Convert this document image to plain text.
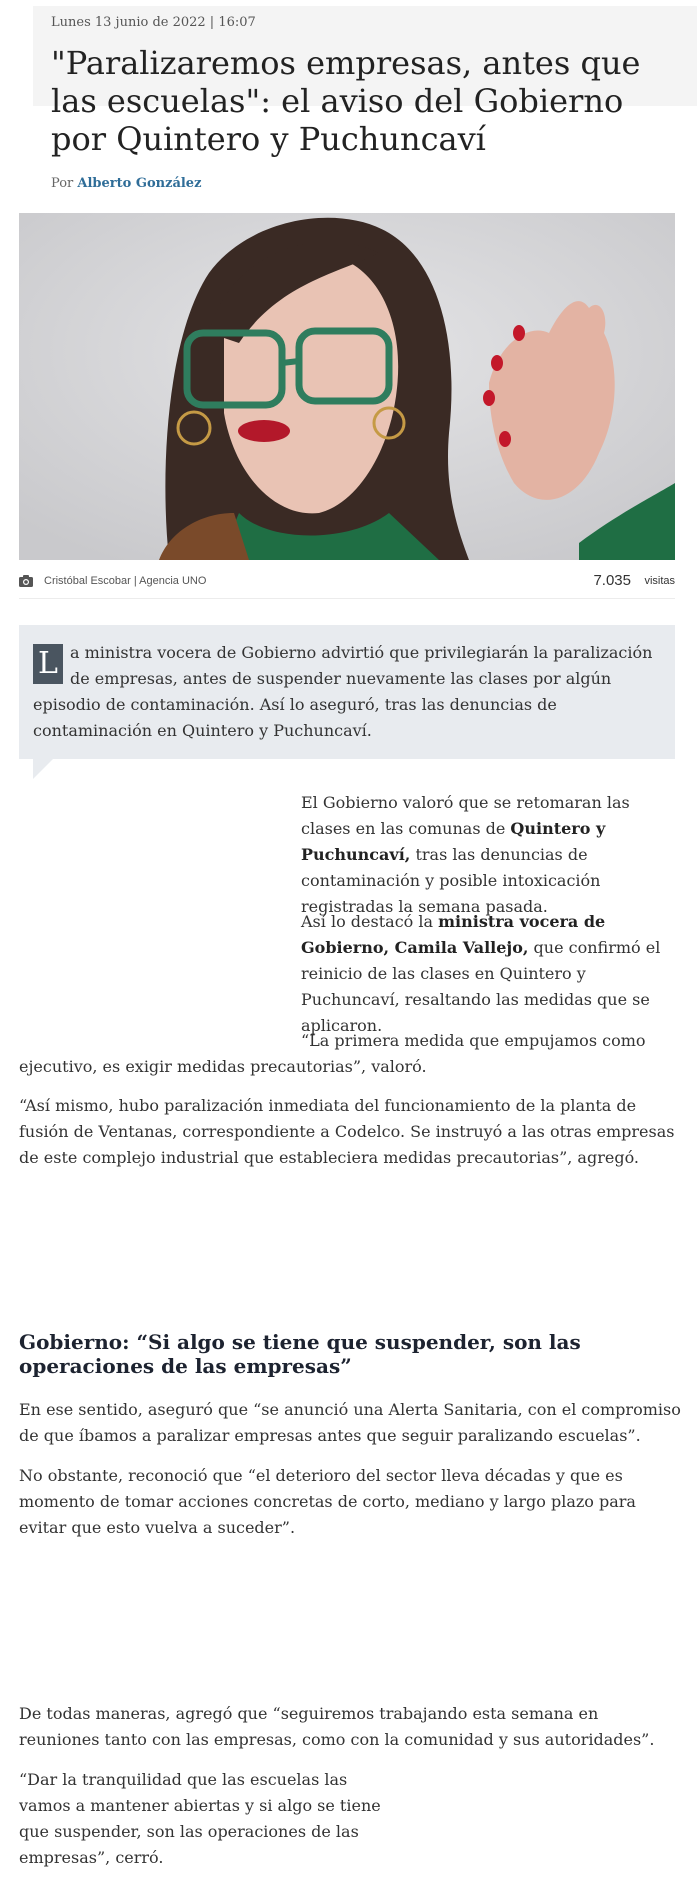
Lunes 13 junio de 2022 | 16:07
"Paralizaremos empresas, antes que las escuelas": el aviso del Gobierno por Quintero y Puchuncaví
Por Alberto González
Cristóbal Escobar | Agencia UNO	7.035 visitas
L a ministra vocera de Gobierno advirtió que privilegiarán la paralización de empresas, antes de suspender nuevamente las clases por algún episodio de contaminación. Así lo aseguró, tras las denuncias de contaminación en Quintero y Puchuncaví.

El Gobierno valoró que se retomaran las clases en las comunas de Quintero y Puchuncaví, tras las denuncias de contaminación y posible intoxicación registradas la semana pasada.

Así lo destacó la ministra vocera de Gobierno, Camila Vallejo, que confirmó el reinicio de las clases en Quintero y Puchuncaví, resaltando las medidas que se aplicaron.

“La primera medida que empujamos como ejecutivo, es exigir medidas precautorias”, valoró.

“Así mismo, hubo paralización inmediata del funcionamiento de la planta de fusión de Ventanas, correspondiente a Codelco. Se instruyó a las otras empresas de este complejo industrial que estableciera medidas precautorias”, agregó.

Gobierno: “Si algo se tiene que suspender, son las operaciones de las empresas”

En ese sentido, aseguró que “se anunció una Alerta Sanitaria, con el compromiso de que íbamos a paralizar empresas antes que seguir paralizando escuelas”.

No obstante, reconoció que “el deterioro del sector lleva décadas y que es momento de tomar acciones concretas de corto, mediano y largo plazo para evitar que esto vuelva a suceder”.

De todas maneras, agregó que “seguiremos trabajando esta semana en reuniones tanto con las empresas, como con la comunidad y sus autoridades”.

“Dar la tranquilidad que las escuelas las vamos a mantener abiertas y si algo se tiene que suspender, son las operaciones de las empresas”, cerró.
